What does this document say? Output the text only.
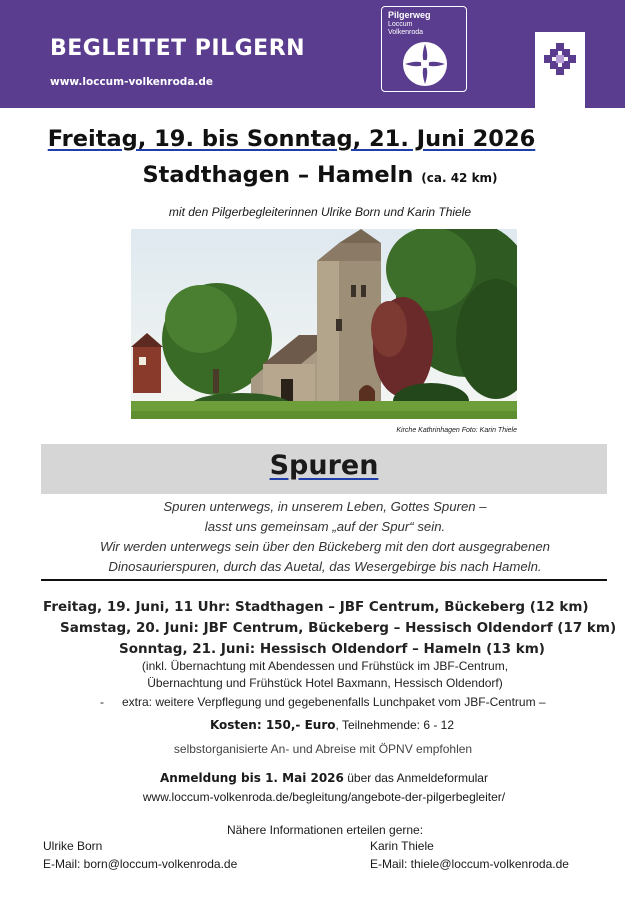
BEGLEITET PILGERN
www.loccum-volkenroda.de
Pilgerweg
Loccum
Volkenroda
Freitag, 19. bis Sonntag, 21. Juni 2026
Stadthagen – Hameln (ca. 42 km)
mit den Pilgerbegleiterinnen Ulrike Born und Karin Thiele
Kirche Kathrinhagen Foto: Karin Thiele
Spuren
Spuren unterwegs, in unserem Leben, Gottes Spuren –
lasst uns gemeinsam „auf der Spur“ sein.
Wir werden unterwegs sein über den Bückeberg mit den dort ausgegrabenen
Dinosaurierspuren, durch das Auetal, das Wesergebirge bis nach Hameln.
Freitag, 19. Juni, 11 Uhr: Stadthagen – JBF Centrum, Bückeberg (12 km)
Samstag, 20. Juni: JBF Centrum, Bückeberg – Hessisch Oldendorf (17 km)
Sonntag, 21. Juni: Hessisch Oldendorf – Hameln (13 km)
(inkl. Übernachtung mit Abendessen und Frühstück im JBF-Centrum,
Übernachtung und Frühstück Hotel Baxmann, Hessisch Oldendorf)
- extra: weitere Verpflegung und gegebenenfalls Lunchpaket vom JBF-Centrum –
Kosten: 150,- Euro, Teilnehmende: 6 - 12
selbstorganisierte An- und Abreise mit ÖPNV empfohlen
Anmeldung bis 1. Mai 2026 über das Anmeldeformular
www.loccum-volkenroda.de/begleitung/angebote-der-pilgerbegleiter/
Nähere Informationen erteilen gerne:
Ulrike Born
E-Mail: born@loccum-volkenroda.de
Karin Thiele
E-Mail: thiele@loccum-volkenroda.de
